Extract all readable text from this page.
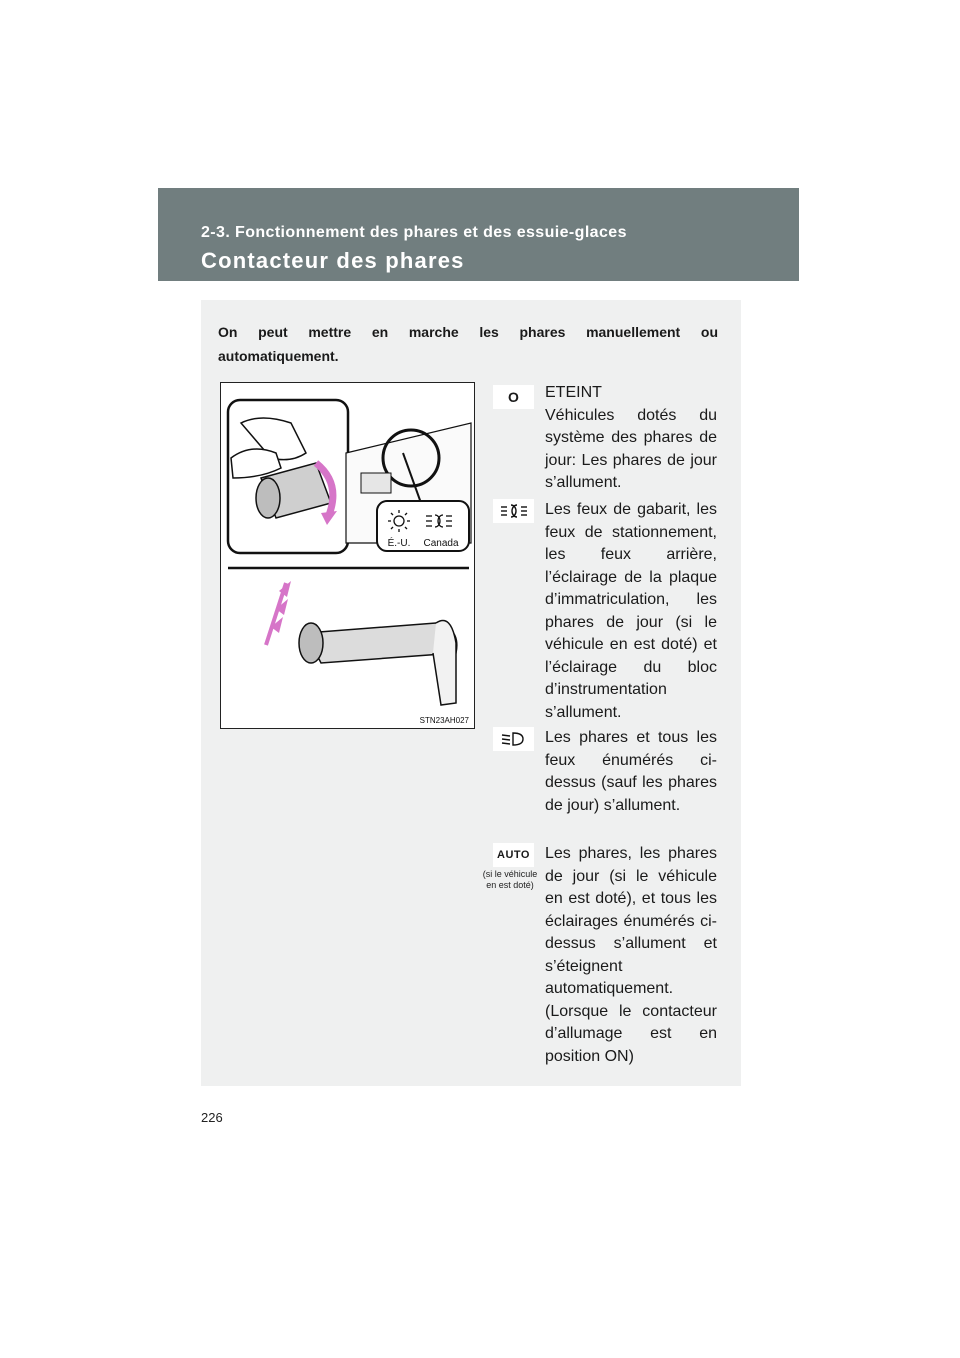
2-3. Fonctionnement des phares et des essuie-glaces
Contacteur des phares
On peut mettre en marche les phares manuellement ou
automatiquement.
É.-U. Canada
STN23AH027
O ETEINT
Véhicules dotés du système des phares de jour: Les phares de jour s’allument.
Les feux de gabarit, les feux de stationnement, les feux arrière, l’éclairage de la plaque d’immatriculation, les phares de jour (si le véhicule en est doté) et l’éclairage du bloc d’instrumentation s’allument.
Les phares et tous les feux énumérés ci-dessus (sauf les phares de jour) s’allument.
AUTO
(si le véhicule en est doté)
Les phares, les phares de jour (si le véhicule en est doté), et tous les éclairages énumérés ci-dessus s’allument et s’éteignent automatiquement.
(Lorsque le contacteur d’allumage est en position ON)
226
